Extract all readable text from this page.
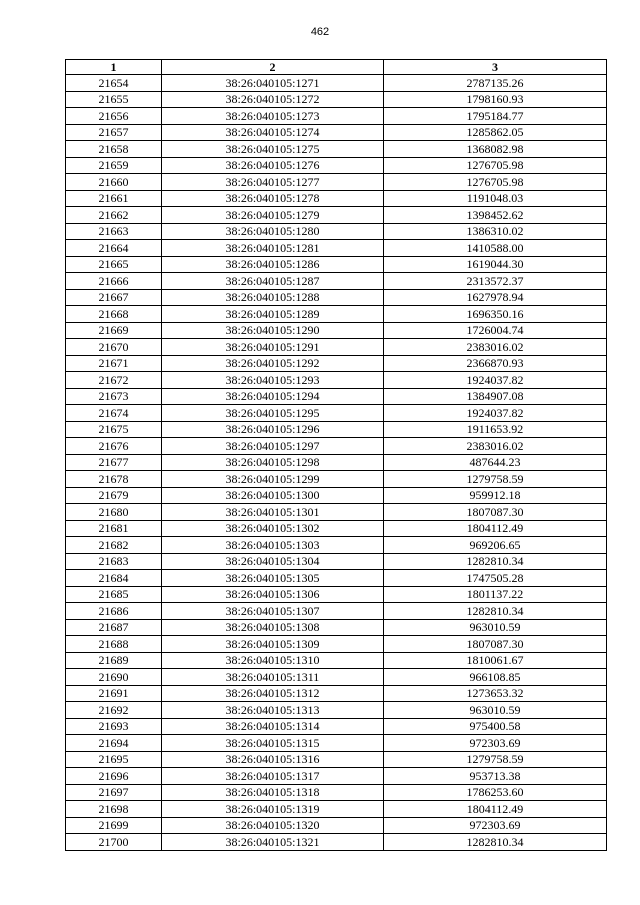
462
1	2	3
21654	38:26:040105:1271	2787135.26
21655	38:26:040105:1272	1798160.93
21656	38:26:040105:1273	1795184.77
21657	38:26:040105:1274	1285862.05
21658	38:26:040105:1275	1368082.98
21659	38:26:040105:1276	1276705.98
21660	38:26:040105:1277	1276705.98
21661	38:26:040105:1278	1191048.03
21662	38:26:040105:1279	1398452.62
21663	38:26:040105:1280	1386310.02
21664	38:26:040105:1281	1410588.00
21665	38:26:040105:1286	1619044.30
21666	38:26:040105:1287	2313572.37
21667	38:26:040105:1288	1627978.94
21668	38:26:040105:1289	1696350.16
21669	38:26:040105:1290	1726004.74
21670	38:26:040105:1291	2383016.02
21671	38:26:040105:1292	2366870.93
21672	38:26:040105:1293	1924037.82
21673	38:26:040105:1294	1384907.08
21674	38:26:040105:1295	1924037.82
21675	38:26:040105:1296	1911653.92
21676	38:26:040105:1297	2383016.02
21677	38:26:040105:1298	487644.23
21678	38:26:040105:1299	1279758.59
21679	38:26:040105:1300	959912.18
21680	38:26:040105:1301	1807087.30
21681	38:26:040105:1302	1804112.49
21682	38:26:040105:1303	969206.65
21683	38:26:040105:1304	1282810.34
21684	38:26:040105:1305	1747505.28
21685	38:26:040105:1306	1801137.22
21686	38:26:040105:1307	1282810.34
21687	38:26:040105:1308	963010.59
21688	38:26:040105:1309	1807087.30
21689	38:26:040105:1310	1810061.67
21690	38:26:040105:1311	966108.85
21691	38:26:040105:1312	1273653.32
21692	38:26:040105:1313	963010.59
21693	38:26:040105:1314	975400.58
21694	38:26:040105:1315	972303.69
21695	38:26:040105:1316	1279758.59
21696	38:26:040105:1317	953713.38
21697	38:26:040105:1318	1786253.60
21698	38:26:040105:1319	1804112.49
21699	38:26:040105:1320	972303.69
21700	38:26:040105:1321	1282810.34
